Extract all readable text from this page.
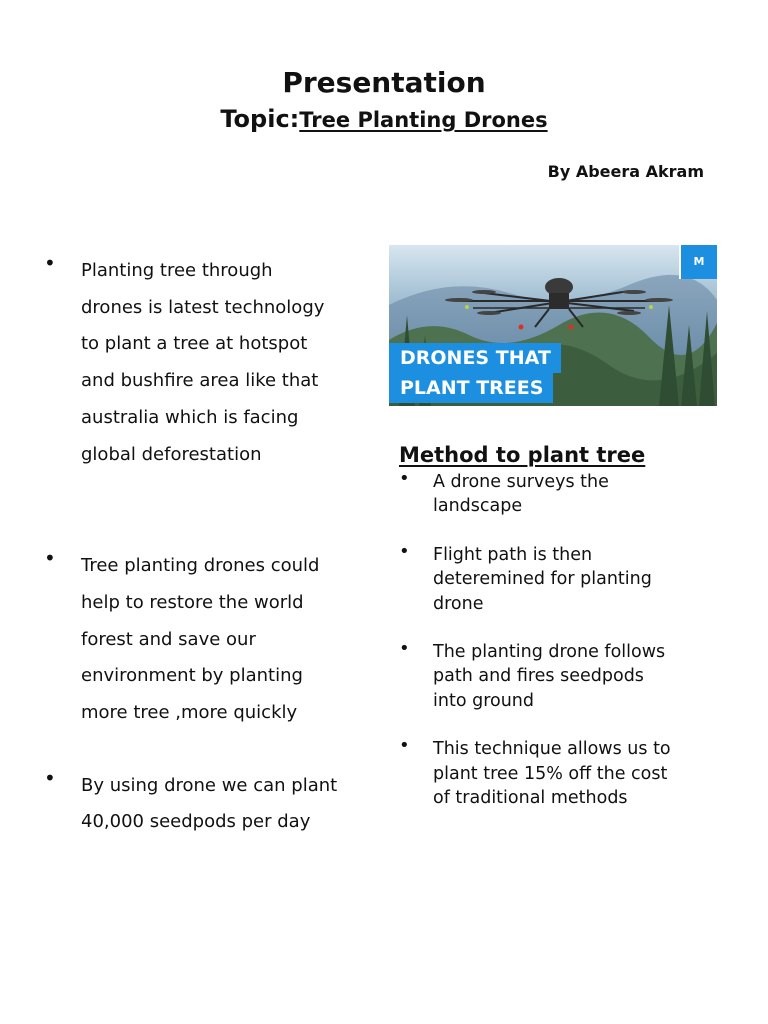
Presentation
Topic:Tree Planting Drones
By Abeera Akram
• Planting tree through
drones is latest technology
to plant a tree at hotspot
and bushfire area like that
australia which is facing
global deforestation
• Tree planting drones could
help to restore the world
forest and save our
environment by planting
more tree ,more quickly
• By using drone we can plant
40,000 seedpods per day
M
DRONES THAT
PLANT TREES
Method to plant tree
• A drone surveys the
landscape
• Flight path is then
deteremined for planting
drone
• The planting drone follows
path and fires seedpods
into ground
• This technique allows us to
plant tree 15% off the cost
of traditional methods
